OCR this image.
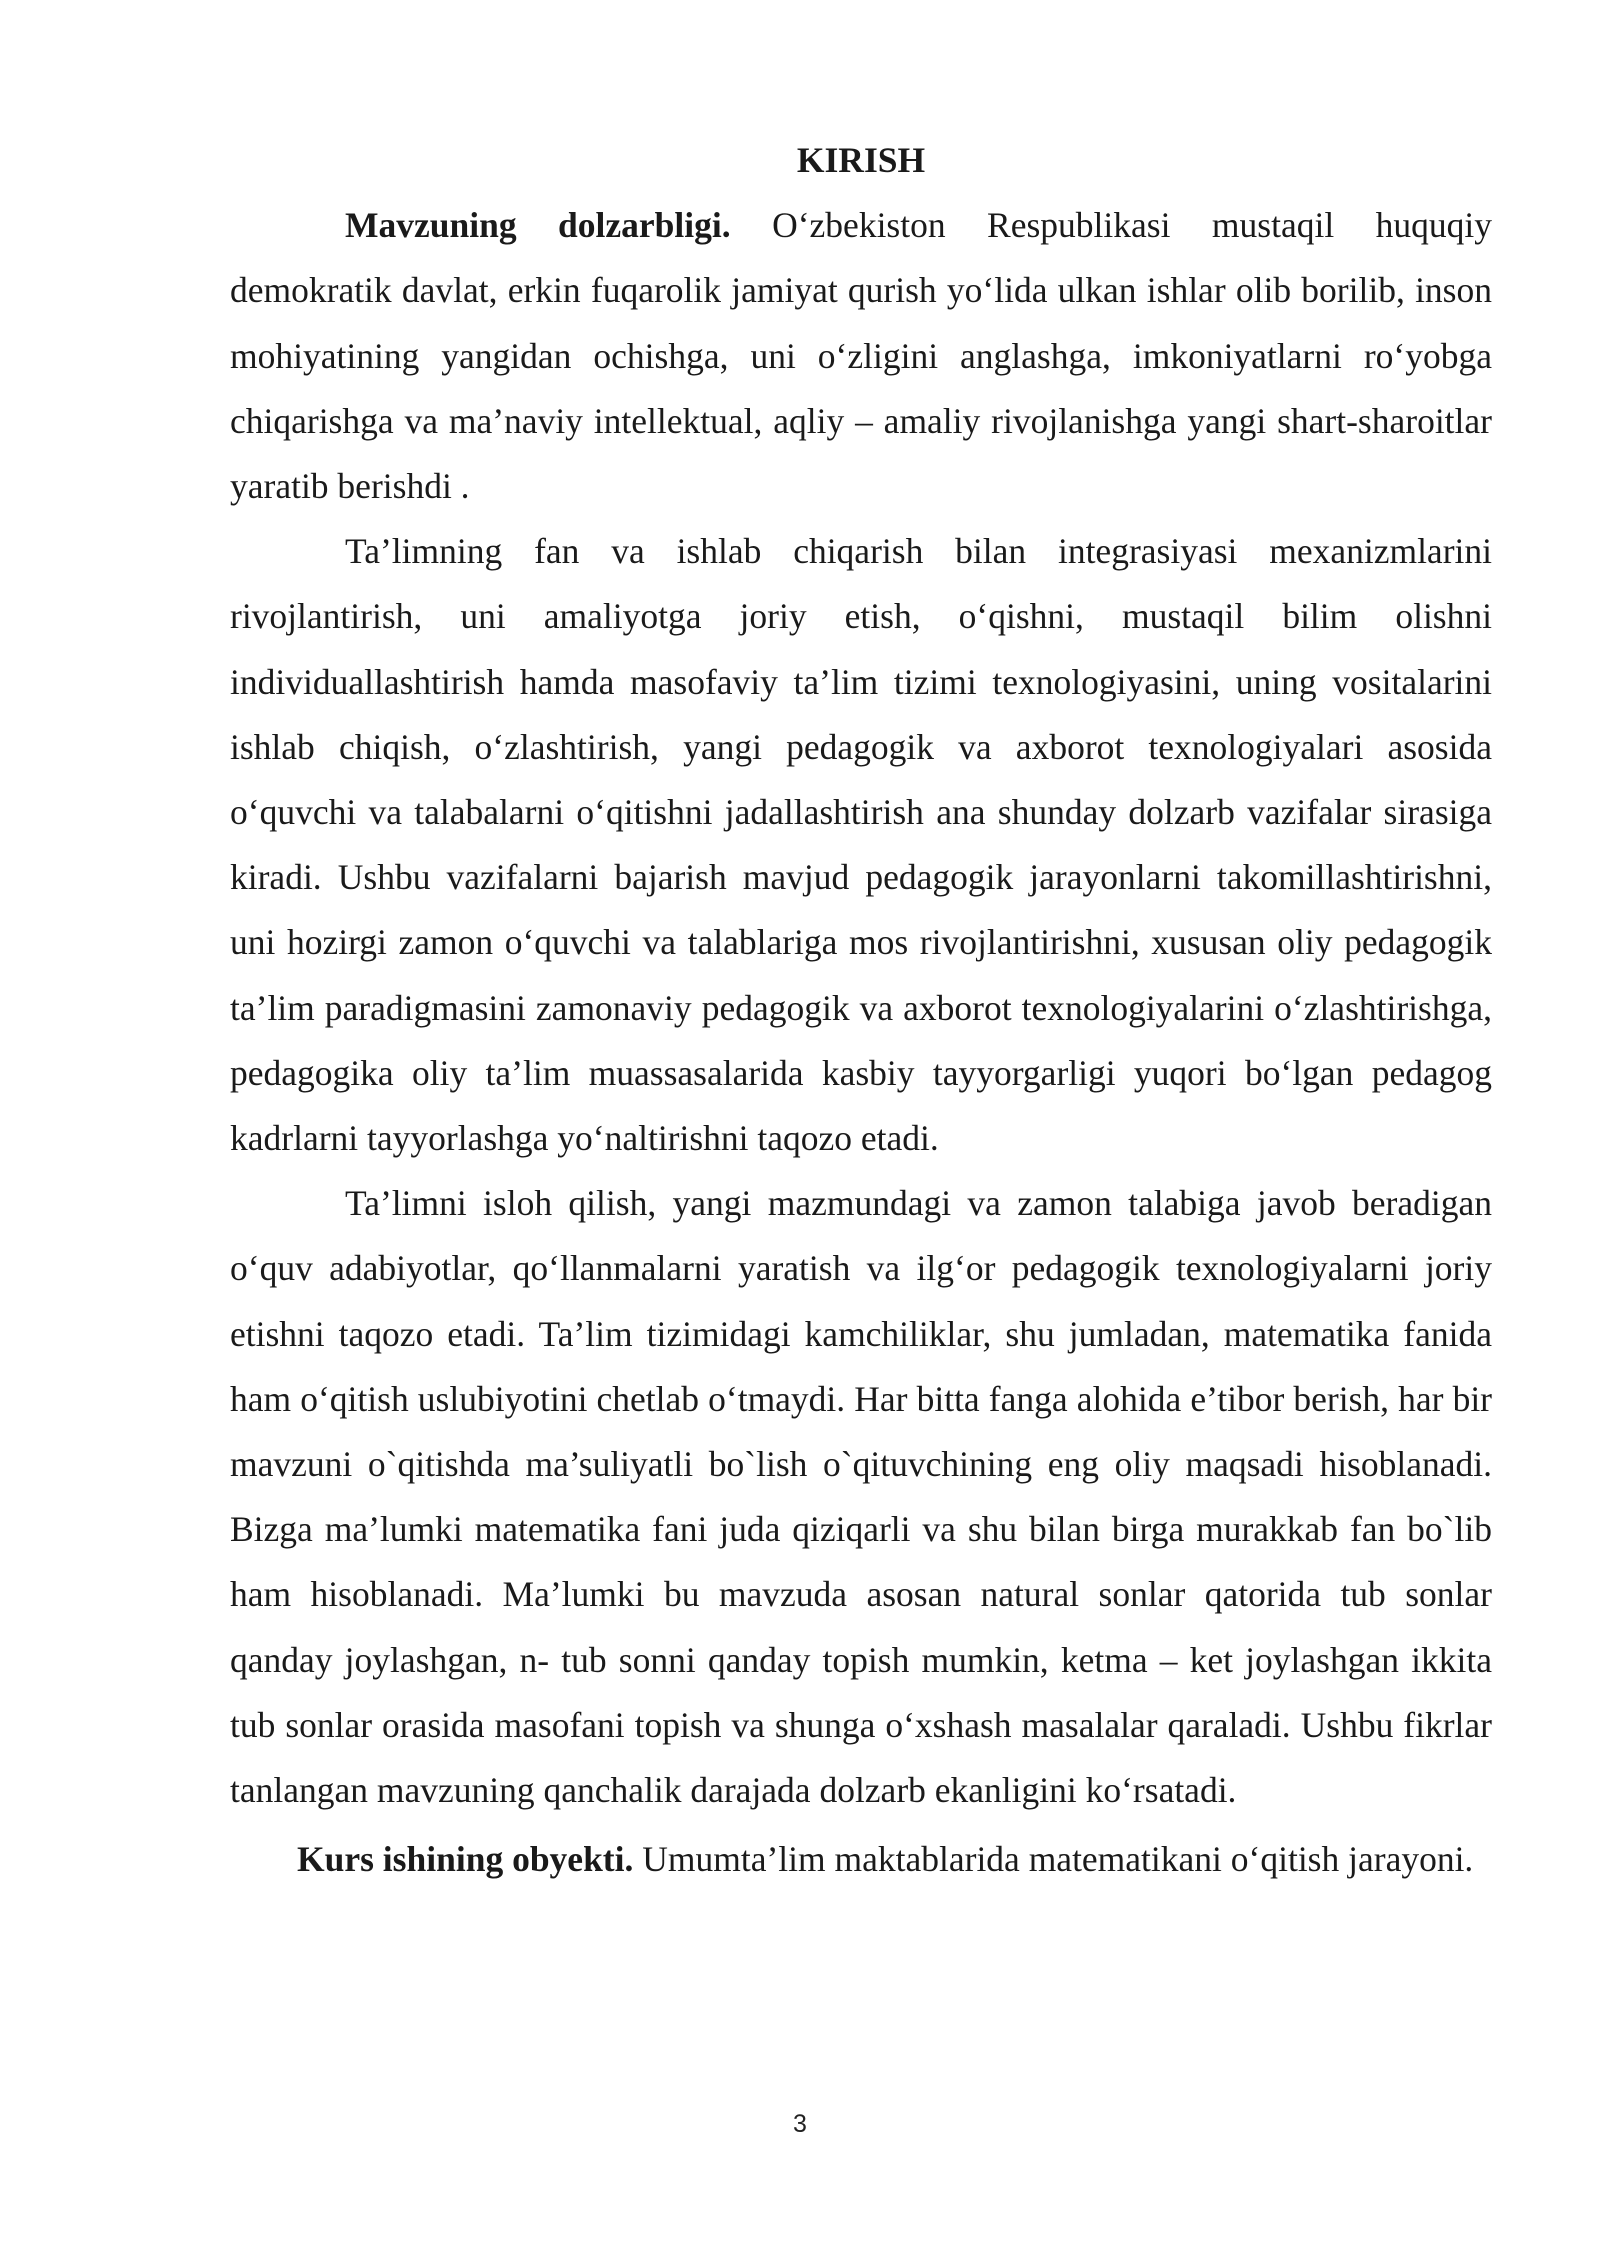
KIRISH

Mavzuning dolzarbligi. O‘zbekiston Respublikasi mustaqil huquqiy demokratik davlat, erkin fuqarolik jamiyat qurish yo‘lida ulkan ishlar olib borilib, inson mohiyatining yangidan ochishga, uni o‘zligini anglashga, imkoniyatlarni ro‘yobga chiqarishga va ma’naviy intellektual, aqliy – amaliy rivojlanishga yangi shart-sharoitlar yaratib berishdi .

Ta’limning fan va ishlab chiqarish bilan integrasiyasi mexanizmlarini rivojlantirish, uni amaliyotga joriy etish, o‘qishni, mustaqil bilim olishni individuallashtirish hamda masofaviy ta’lim tizimi texnologiyasini, uning vositalarini ishlab chiqish, o‘zlashtirish, yangi pedagogik va axborot texnologiyalari asosida o‘quvchi va talabalarni o‘qitishni jadallashtirish ana shunday dolzarb vazifalar sirasiga kiradi. Ushbu vazifalarni bajarish mavjud pedagogik jarayonlarni takomillashtirishni, uni hozirgi zamon o‘quvchi va talablariga mos rivojlantirishni, xususan oliy pedagogik ta’lim paradigmasini zamonaviy pedagogik va axborot texnologiyalarini o‘zlashtirishga, pedagogika oliy ta’lim muassasalarida kasbiy tayyorgarligi yuqori bo‘lgan pedagog kadrlarni tayyorlashga yo‘naltirishni taqozo etadi.

Ta’limni isloh qilish, yangi mazmundagi va zamon talabiga javob beradigan o‘quv adabiyotlar, qo‘llanmalarni yaratish va ilg‘or pedagogik texnologiyalarni joriy etishni taqozo etadi. Ta’lim tizimidagi kamchiliklar, shu jumladan, matematika fanida ham o‘qitish uslubiyotini chetlab o‘tmaydi. Har bitta fanga alohida e’tibor berish, har bir mavzuni o`qitishda ma’suliyatli bo`lish o`qituvchining eng oliy maqsadi hisoblanadi. Bizga ma’lumki matematika fani juda qiziqarli va shu bilan birga murakkab fan bo`lib ham hisoblanadi. Ma’lumki bu mavzuda asosan natural sonlar qatorida tub sonlar qanday joylashgan, n- tub sonni qanday topish mumkin, ketma – ket joylashgan ikkita tub sonlar orasida masofani topish va shunga o‘xshash masalalar qaraladi. Ushbu fikrlar tanlangan mavzuning qanchalik darajada dolzarb ekanligini ko‘rsatadi.

Kurs ishining obyekti. Umumta’lim maktablarida matematikani o‘qitish jarayoni.

3
